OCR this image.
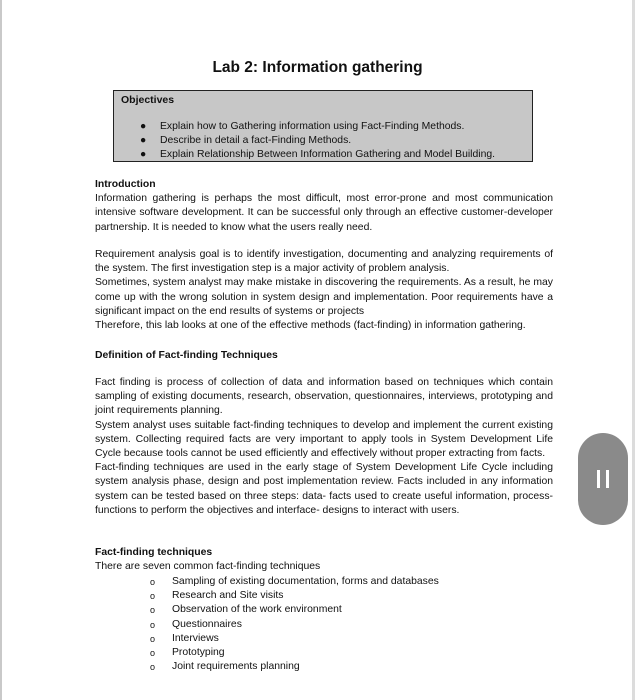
Lab 2: Information gathering
Objectives
● Explain how to Gathering information using Fact-Finding Methods.
● Describe in detail a fact-Finding Methods.
● Explain Relationship Between Information Gathering and Model Building.
Introduction

Information gathering is perhaps the most difficult, most error-prone and most communication intensive software development. It can be successful only through an effective customer-developer partnership. It is needed to know what the users really need.

Requirement analysis goal is to identify investigation, documenting and analyzing requirements of the system. The first investigation step is a major activity of problem analysis.

Sometimes, system analyst may make mistake in discovering the requirements. As a result, he may come up with the wrong solution in system design and implementation. Poor requirements have a significant impact on the end results of systems or projects

Therefore, this lab looks at one of the effective methods (fact-finding) in information gathering.

Definition of Fact-finding Techniques

Fact finding is process of collection of data and information based on techniques which contain sampling of existing documents, research, observation, questionnaires, interviews, prototyping and joint requirements planning.

System analyst uses suitable fact-finding techniques to develop and implement the current existing system. Collecting required facts are very important to apply tools in System Development Life Cycle because tools cannot be used efficiently and effectively without proper extracting from facts.

Fact-finding techniques are used in the early stage of System Development Life Cycle including system analysis phase, design and post implementation review. Facts included in any information system can be tested based on three steps: data- facts used to create useful information, process- functions to perform the objectives and interface- designs to interact with users.

Fact-finding techniques

There are seven common fact-finding techniques

o Sampling of existing documentation, forms and databases
o Research and Site visits
o Observation of the work environment
o Questionnaires
o Interviews
o Prototyping
o Joint requirements planning
